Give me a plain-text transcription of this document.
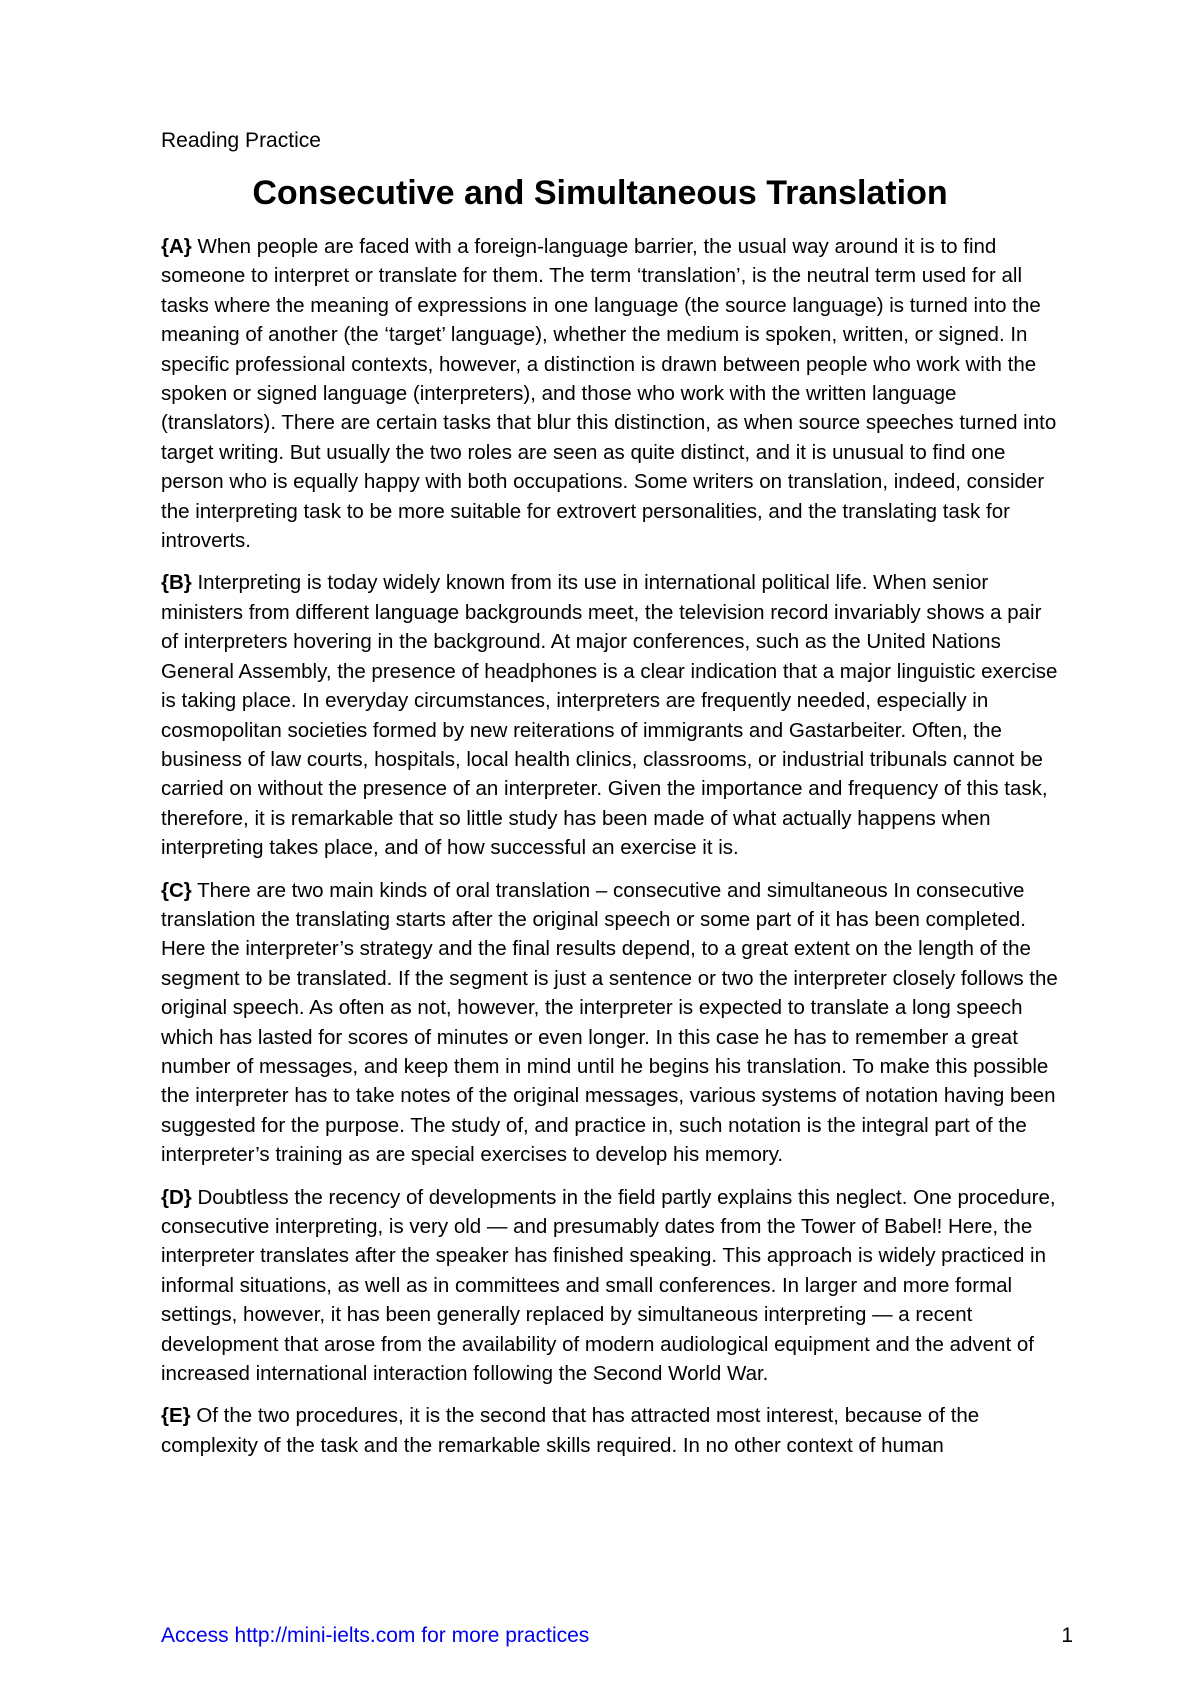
Reading Practice
Consecutive and Simultaneous Translation

{A} When people are faced with a foreign-language barrier, the usual way around it is to find someone to interpret or translate for them. The term ‘translation’, is the neutral term used for all tasks where the meaning of expressions in one language (the source language) is turned into the meaning of another (the ‘target’ language), whether the medium is spoken, written, or signed. In specific professional contexts, however, a distinction is drawn between people who work with the spoken or signed language (interpreters), and those who work with the written language (translators). There are certain tasks that blur this distinction, as when source speeches turned into target writing. But usually the two roles are seen as quite distinct, and it is unusual to find one person who is equally happy with both occupations. Some writers on translation, indeed, consider the interpreting task to be more suitable for extrovert personalities, and the translating task for introverts.

{B} Interpreting is today widely known from its use in international political life. When senior ministers from different language backgrounds meet, the television record invariably shows a pair of interpreters hovering in the background. At major conferences, such as the United Nations General Assembly, the presence of headphones is a clear indication that a major linguistic exercise is taking place. In everyday circumstances, interpreters are frequently needed, especially in cosmopolitan societies formed by new reiterations of immigrants and Gastarbeiter. Often, the business of law courts, hospitals, local health clinics, classrooms, or industrial tribunals cannot be carried on without the presence of an interpreter. Given the importance and frequency of this task, therefore, it is remarkable that so little study has been made of what actually happens when interpreting takes place, and of how successful an exercise it is.

{C} There are two main kinds of oral translation – consecutive and simultaneous In consecutive translation the translating starts after the original speech or some part of it has been completed. Here the interpreter’s strategy and the final results depend, to a great extent on the length of the segment to be translated. If the segment is just a sentence or two the interpreter closely follows the original speech. As often as not, however, the interpreter is expected to translate a long speech which has lasted for scores of minutes or even longer. In this case he has to remember a great number of messages, and keep them in mind until he begins his translation. To make this possible the interpreter has to take notes of the original messages, various systems of notation having been suggested for the purpose. The study of, and practice in, such notation is the integral part of the interpreter’s training as are special exercises to develop his memory.

{D} Doubtless the recency of developments in the field partly explains this neglect. One procedure, consecutive interpreting, is very old — and presumably dates from the Tower of Babel! Here, the interpreter translates after the speaker has finished speaking. This approach is widely practiced in informal situations, as well as in committees and small conferences. In larger and more formal settings, however, it has been generally replaced by simultaneous interpreting — a recent development that arose from the availability of modern audiological equipment and the advent of increased international interaction following the Second World War.

{E} Of the two procedures, it is the second that has attracted most interest, because of the complexity of the task and the remarkable skills required. In no other context of human

Access http://mini-ielts.com for more practices	1
